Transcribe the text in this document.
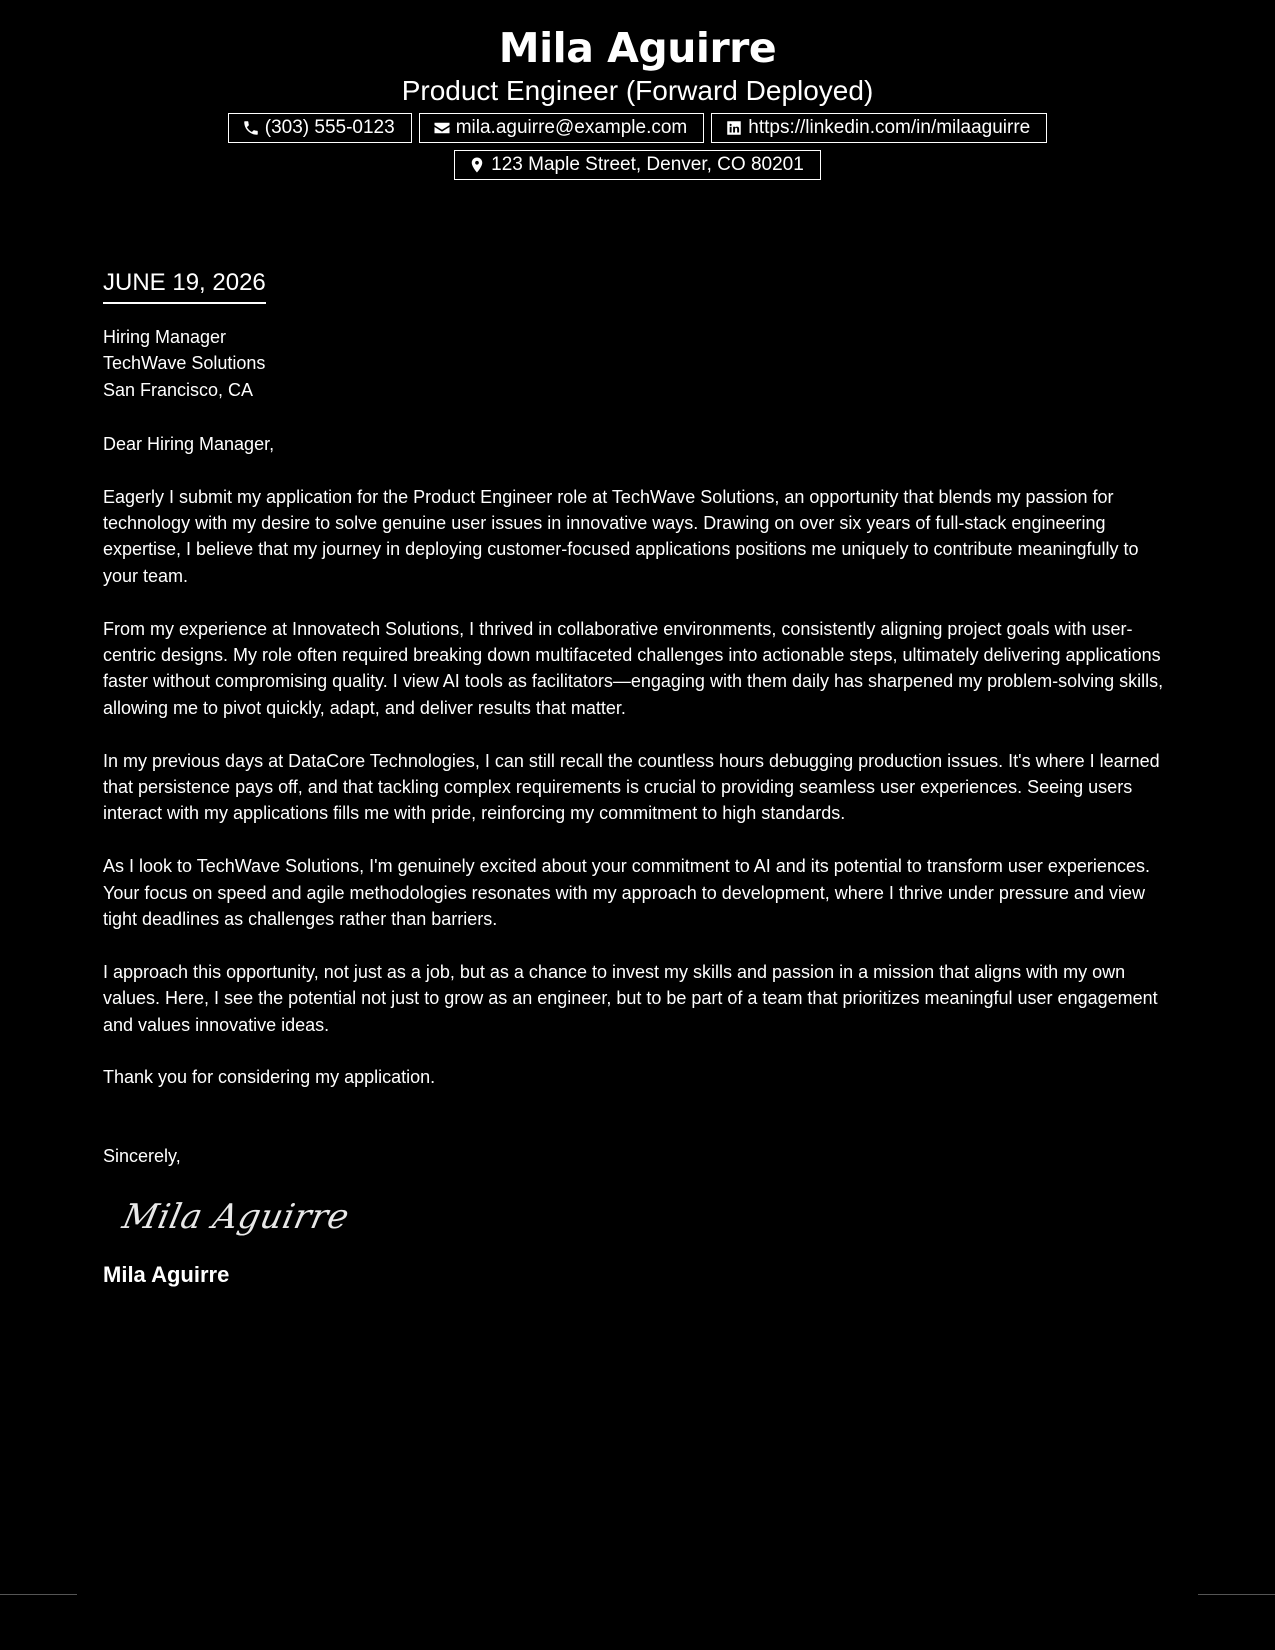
Mila Aguirre
Product Engineer (Forward Deployed)
(303) 555-0123	mila.aguirre@example.com	https://linkedin.com/in/milaaguirre
123 Maple Street, Denver, CO 80201
JUNE 19, 2026
Hiring Manager
TechWave Solutions
San Francisco, CA
Dear Hiring Manager,

Eagerly I submit my application for the Product Engineer role at TechWave Solutions, an opportunity that blends my passion for technology with my desire to solve genuine user issues in innovative ways. Drawing on over six years of full-stack engineering expertise, I believe that my journey in deploying customer-focused applications positions me uniquely to contribute meaningfully to your team.

From my experience at Innovatech Solutions, I thrived in collaborative environments, consistently aligning project goals with user-centric designs. My role often required breaking down multifaceted challenges into actionable steps, ultimately delivering applications faster without compromising quality. I view AI tools as facilitators—engaging with them daily has sharpened my problem-solving skills, allowing me to pivot quickly, adapt, and deliver results that matter.

In my previous days at DataCore Technologies, I can still recall the countless hours debugging production issues. It's where I learned that persistence pays off, and that tackling complex requirements is crucial to providing seamless user experiences. Seeing users interact with my applications fills me with pride, reinforcing my commitment to high standards.

As I look to TechWave Solutions, I'm genuinely excited about your commitment to AI and its potential to transform user experiences. Your focus on speed and agile methodologies resonates with my approach to development, where I thrive under pressure and view tight deadlines as challenges rather than barriers.

I approach this opportunity, not just as a job, but as a chance to invest my skills and passion in a mission that aligns with my own values. Here, I see the potential not just to grow as an engineer, but to be part of a team that prioritizes meaningful user engagement and values innovative ideas.

Thank you for considering my application.

Sincerely,
Mila Aguirre
Mila Aguirre
